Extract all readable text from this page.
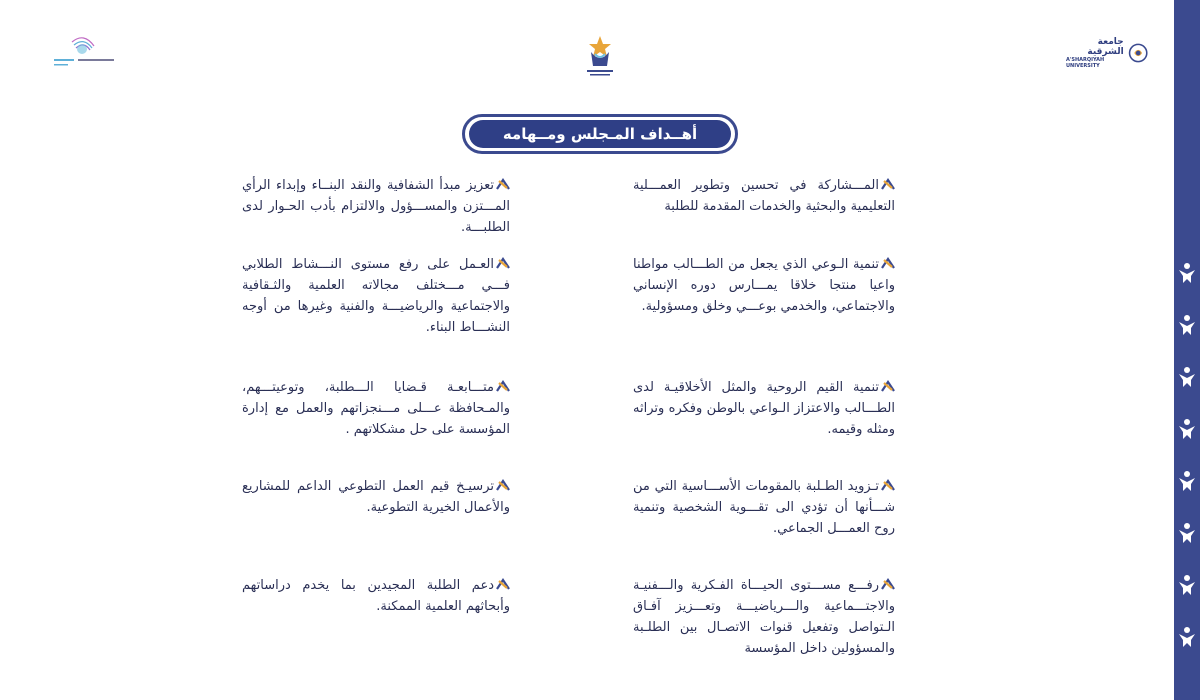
جامعة الشرقية
A'SHARQIYAH UNIVERSITY
أهــداف المـجلس ومــهامه
المـــشاركة في تحسين وتطوير العمـــلية التعليمية والبحثية والخدمات المقدمة للطلبة
تنمية الـوعي الذي يجعل من الطـــالب مواطنا واعيا منتجا خلاقا يمـــارس دوره الإنساني والاجتماعي، والخدمي بوعـــي وخلق ومسؤولية.
تنمية القيم الروحية والمثل الأخلاقيـة لدى الطـــالب والاعتزاز الـواعي بالوطن وفكره وتراثه ومثله وقيمه.
تـزويد الطـلبة بالمقومات الأســـاسية التي من شـــأنها أن تؤدي الى تقـــوية الشخصية وتنمية روح العمـــل الجماعي.
رفـــع مســـتوى الحيـــاة الفـكرية والـــفنيـة والاجتـــماعية والـــرياضيـــة وتعـــزيز آفـاق الـتواصل وتفعيل قنوات الاتصـال بين الطلـبة والمسؤولين داخل المؤسسة
تعزيز مبدأ الشفافية والنقد البنــاء وإبداء الرأي المـــتزن والمســـؤول والالتزام بأدب الحـوار لدى الطلبـــة.
العـمل على رفع مستوى النـــشاط الطلابي فـــي مـــختلف مجالاته العلمية والثـقافية والاجتماعية والرياضيـــة والفنية وغيرها من أوجه النشـــاط البناء.
متـــابعـة قـضايا الـــطلبة، وتوعيتـــهم، والمـحافظة عـــلى مـــنجزاتهم والعمل مع إدارة المؤسسة على حل مشكلاتهم .
ترسيـخ قيم العمل التطوعي الداعم للمشاريع والأعمال الخيرية التطوعية.
دعم الطلبة المجيدين بما يخدم دراساتهم وأبحاثهم العلمية الممكنة.
